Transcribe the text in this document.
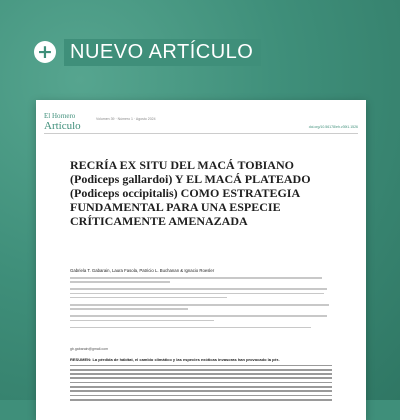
+ NUEVO ARTÍCULO
El Hornero
Artículo
Volumen 39 · Número 1 · Agosto 2024
doi.org/10.56178/eh.v39i1.1526
RECRÍA EX SITU DEL MACÁ TOBIANO
(Podiceps gallardoi) Y EL MACÁ PLATEADO
(Podiceps occipitalis) COMO ESTRATEGIA
FUNDAMENTAL PARA UNA ESPECIE
CRÍTICAMENTE AMENAZADA
Gabriela T. Gabarain, Laura Fasola, Patricio L. Buchanan & Ignacio Roesler
gb.gabarain@gmail.com
RESUMEN: La pérdida de hábitat, el cambio climático y las especies exóticas invasoras han provocado la pér-
